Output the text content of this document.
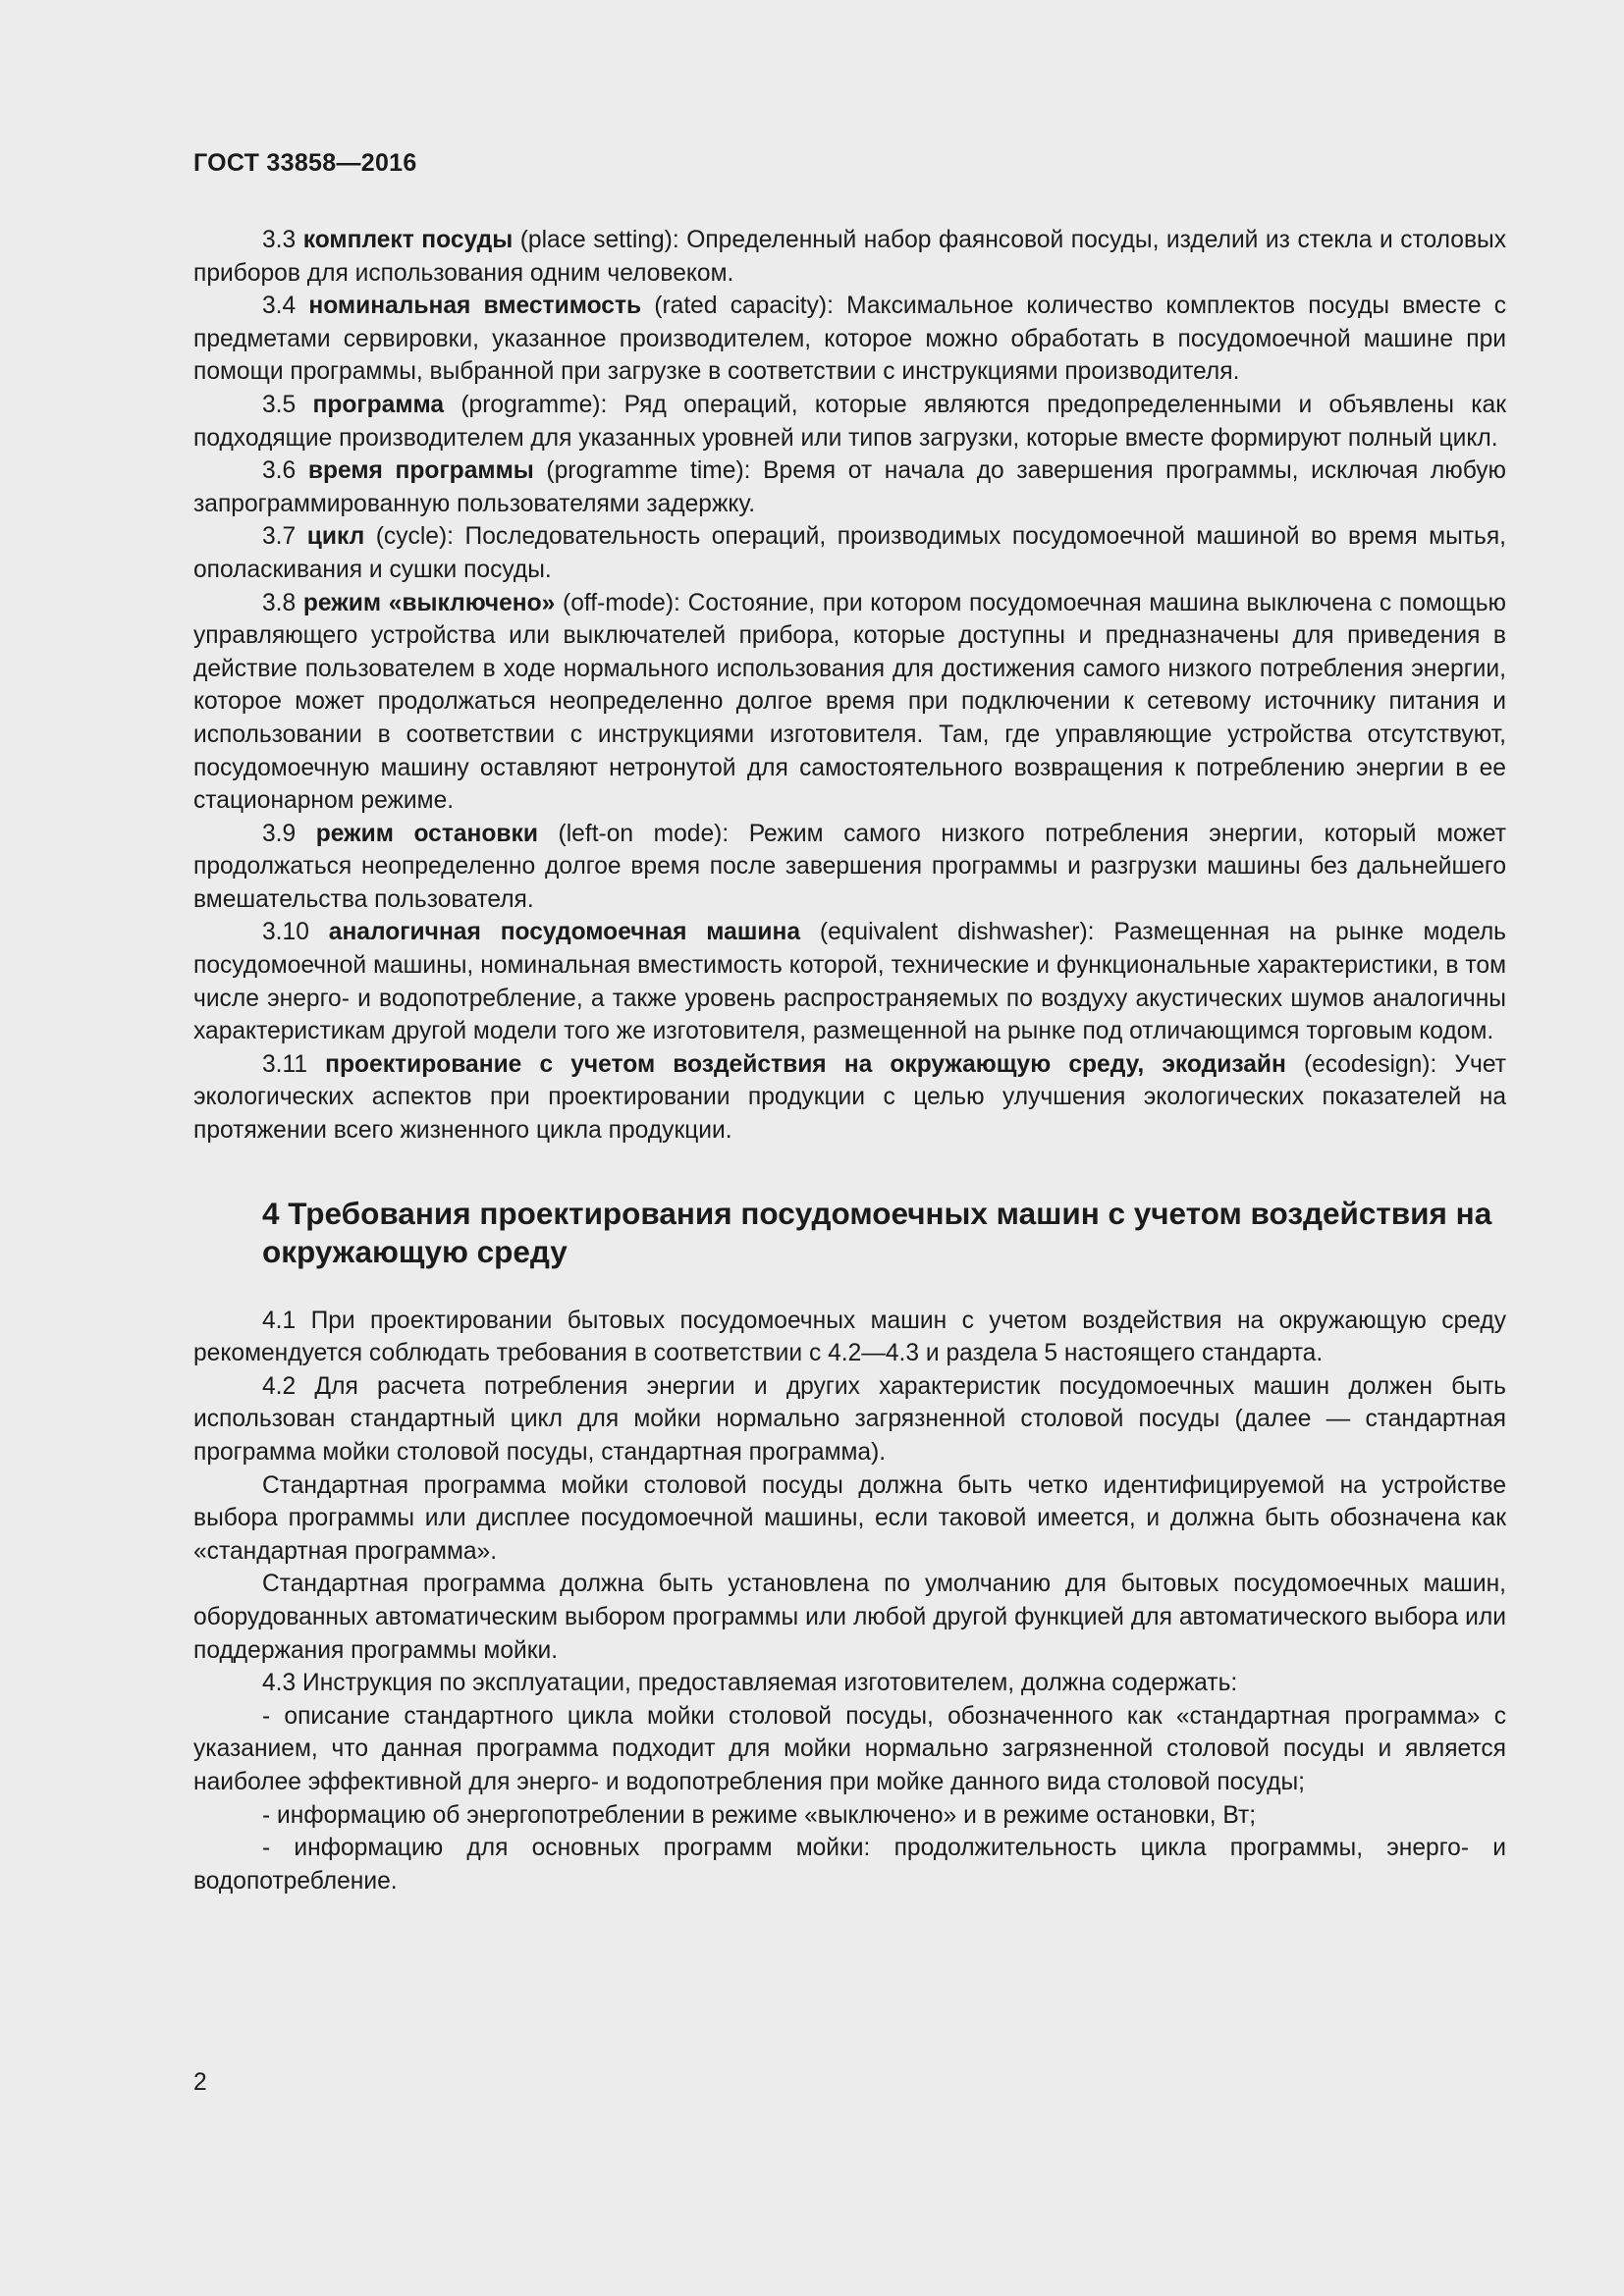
ГОСТ 33858—2016

3.3 комплект посуды (place setting): Определенный набор фаянсовой посуды, изделий из стекла и столовых приборов для использования одним человеком.

3.4 номинальная вместимость (rated capacity): Максимальное количество комплектов посуды вместе с предметами сервировки, указанное производителем, которое можно обработать в посудомоечной машине при помощи программы, выбранной при загрузке в соответствии с инструкциями производителя.

3.5 программа (programme): Ряд операций, которые являются предопределенными и объявлены как подходящие производителем для указанных уровней или типов загрузки, которые вместе формируют полный цикл.

3.6 время программы (programme time): Время от начала до завершения программы, исключая любую запрограммированную пользователями задержку.

3.7 цикл (cycle): Последовательность операций, производимых посудомоечной машиной во время мытья, ополаскивания и сушки посуды.

3.8 режим «выключено» (off-mode): Состояние, при котором посудомоечная машина выключена с помощью управляющего устройства или выключателей прибора, которые доступны и предназначены для приведения в действие пользователем в ходе нормального использования для достижения самого низкого потребления энергии, которое может продолжаться неопределенно долгое время при подключении к сетевому источнику питания и использовании в соответствии с инструкциями изготовителя. Там, где управляющие устройства отсутствуют, посудомоечную машину оставляют нетронутой для самостоятельного возвращения к потреблению энергии в ее стационарном режиме.

3.9 режим остановки (left-on mode): Режим самого низкого потребления энергии, который может продолжаться неопределенно долгое время после завершения программы и разгрузки машины без дальнейшего вмешательства пользователя.

3.10 аналогичная посудомоечная машина (equivalent dishwasher): Размещенная на рынке модель посудомоечной машины, номинальная вместимость которой, технические и функциональные характеристики, в том числе энерго- и водопотребление, а также уровень распространяемых по воздуху акустических шумов аналогичны характеристикам другой модели того же изготовителя, размещенной на рынке под отличающимся торговым кодом.

3.11 проектирование с учетом воздействия на окружающую среду, экодизайн (ecodesign): Учет экологических аспектов при проектировании продукции с целью улучшения экологических показателей на протяжении всего жизненного цикла продукции.

4 Требования проектирования посудомоечных машин с учетом воздействия на окружающую среду

4.1 При проектировании бытовых посудомоечных машин с учетом воздействия на окружающую среду рекомендуется соблюдать требования в соответствии с 4.2—4.3 и раздела 5 настоящего стандарта.

4.2 Для расчета потребления энергии и других характеристик посудомоечных машин должен быть использован стандартный цикл для мойки нормально загрязненной столовой посуды (далее — стандартная программа мойки столовой посуды, стандартная программа).

Стандартная программа мойки столовой посуды должна быть четко идентифицируемой на устройстве выбора программы или дисплее посудомоечной машины, если таковой имеется, и должна быть обозначена как «стандартная программа».

Стандартная программа должна быть установлена по умолчанию для бытовых посудомоечных машин, оборудованных автоматическим выбором программы или любой другой функцией для автоматического выбора или поддержания программы мойки.

4.3 Инструкция по эксплуатации, предоставляемая изготовителем, должна содержать:

- описание стандартного цикла мойки столовой посуды, обозначенного как «стандартная программа» с указанием, что данная программа подходит для мойки нормально загрязненной столовой посуды и является наиболее эффективной для энерго- и водопотребления при мойке данного вида столовой посуды;

- информацию об энергопотреблении в режиме «выключено» и в режиме остановки, Вт;

- информацию для основных программ мойки: продолжительность цикла программы, энерго- и водопотребление.

2
